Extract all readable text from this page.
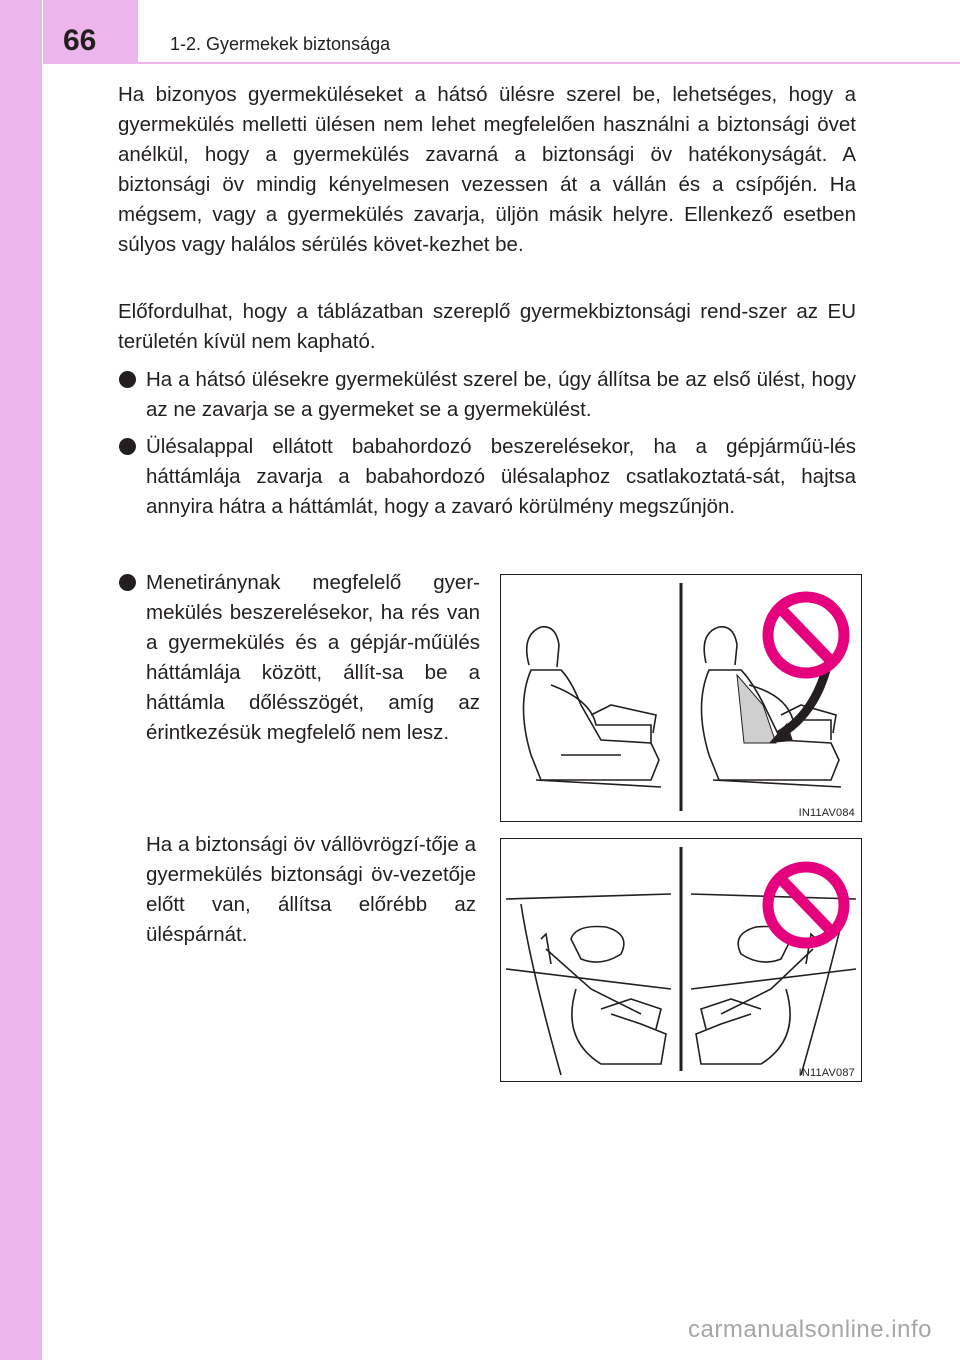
66	1-2. Gyermekek biztonsága

Ha bizonyos gyermeküléseket a hátsó ülésre szerel be, lehetséges, hogy a gyermekülés melletti ülésen nem lehet megfelelően használni a biztonsági övet anélkül, hogy a gyermekülés zavarná a biztonsági öv hatékonyságát. A biztonsági öv mindig kényelmesen vezessen át a vállán és a csípőjén. Ha mégsem, vagy a gyermekülés zavarja, üljön másik helyre. Ellenkező esetben súlyos vagy halálos sérülés követ-kezhet be.

Előfordulhat, hogy a táblázatban szereplő gyermekbiztonsági rend-szer az EU területén kívül nem kapható.

Ha a hátsó ülésekre gyermekülést szerel be, úgy állítsa be az első ülést, hogy az ne zavarja se a gyermeket se a gyermekülést.
Ülésalappal ellátott babahordozó beszerelésekor, ha a gépjárműü-lés háttámlája zavarja a babahordozó ülésalaphoz csatlakoztatá-sát, hajtsa annyira hátra a háttámlát, hogy a zavaró körülmény megszűnjön.
Menetiránynak megfelelő gyer-mekülés beszerelésekor, ha rés van a gyermekülés és a gépjár-műülés háttámlája között, állít-sa be a háttámla dőlésszögét, amíg az érintkezésük megfelelő nem lesz.

Ha a biztonsági öv vállövrögzí-tője a gyermekülés biztonsági öv-vezetője előtt van, állítsa előrébb az üléspárnát.

IN11AV084
IN11AV087
carmanualsonline.info
